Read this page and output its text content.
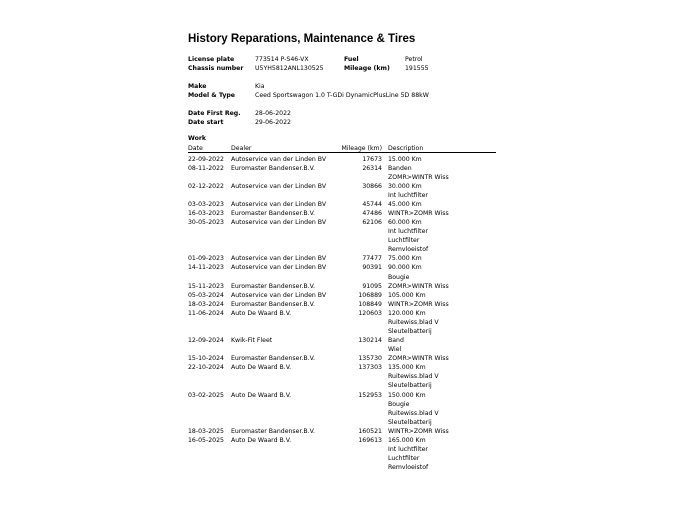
History Reparations, Maintenance & Tires
License plate	773514 P-S46-VX	Fuel	Petrol
Chassis number U5YH5812ANL130525	Mileage (km) 191555
Make	Kia
Model & Type	Ceed Sportswagon 1.0 T-GDi DynamicPlusLine 5D 88kW
Date First Reg. 28-06-2022
Date start	29-06-2022
Work
Date	Dealer	Mileage (km) Description
22-09-2022 Autoservice van der Linden BV	17673 15.000 Km
08-11-2022 Euromaster Bandenser.B.V.	26314 Banden
ZOMR>WINTR Wiss
02-12-2022 Autoservice van der Linden BV	30866 30.000 Km
Int luchtfilter
03-03-2023 Autoservice van der Linden BV	45744 45.000 Km
16-03-2023 Euromaster Bandenser.B.V.	47486 WINTR>ZOMR Wiss
30-05-2023 Autoservice van der Linden BV	62106 60.000 Km
Int luchtfilter
Luchtfilter
Remvloeistof
01-09-2023 Autoservice van der Linden BV	77477 75.000 Km
14-11-2023 Autoservice van der Linden BV	90391 90.000 Km
Bougie
15-11-2023 Euromaster Bandenser.B.V.	91095 ZOMR>WINTR Wiss
05-03-2024 Autoservice van der Linden BV	106889 105.000 Km
18-03-2024 Euromaster Bandenser.B.V.	108849 WINTR>ZOMR Wiss
11-06-2024 Auto De Waard B.V.	120603 120.000 Km
Ruitewiss.blad V
Sleutelbatterij
12-09-2024 Kwik-Fit Fleet	130214 Band
Wiel
15-10-2024 Euromaster Bandenser.B.V.	135730 ZOMR>WINTR Wiss
22-10-2024 Auto De Waard B.V.	137303 135.000 Km
Ruitewiss.blad V
Sleutelbatterij
03-02-2025 Auto De Waard B.V.	152953 150.000 Km
Bougie
Ruitewiss.blad V
Sleutelbatterij
18-03-2025 Euromaster Bandenser.B.V.	160521 WINTR>ZOMR Wiss
16-05-2025 Auto De Waard B.V.	169613 165.000 Km
Int luchtfilter
Luchtfilter
Remvloeistof
